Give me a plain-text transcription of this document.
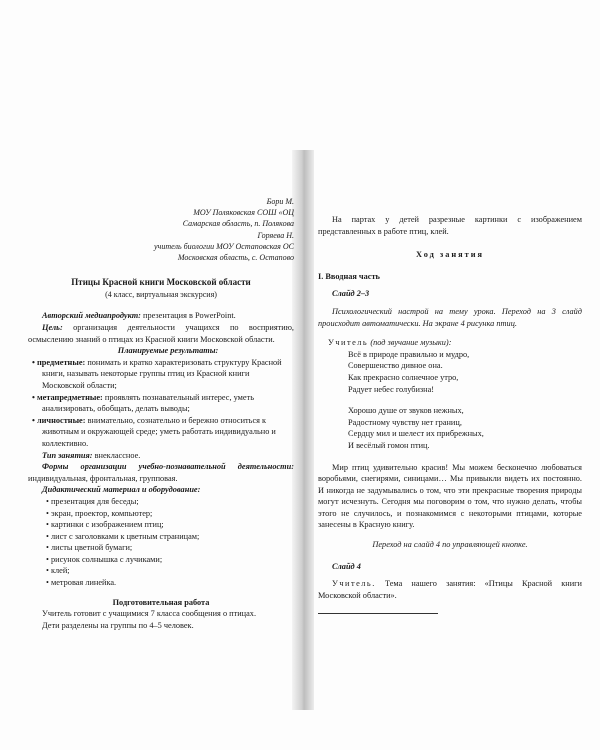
Бори М.
МОУ Поляковская СОШ «ОЦ
Самарская область, п. Полякова
Горяева Н.
учитель биологии МОУ Остаповская ОС
Московская область, с. Остапово
Птицы Красной книги Московской области
(4 класс, виртуальная экскурсия)
Авторский медиапродукт: презентация в PowerPoint.
Цель: организация деятельности учащихся по восприятию, осмыслению знаний о птицах из Красной книги Московской области.
Планируемые результаты:
• предметные: понимать и кратко характеризовать структуру Красной книги, называть некоторые группы птиц из Красной книги Московской области;
• метапредметные: проявлять познавательный интерес, уметь анализировать, обобщать, делать выводы;
• личностные: внимательно, сознательно и бережно относиться к животным и окружающей среде; уметь работать индивидуально и коллективно.
Тип занятия: внеклассное.
Формы организации учебно-познавательной деятельности: индивидуальная, фронтальная, групповая.
Дидактический материал и оборудование:
• презентация для беседы;
• экран, проектор, компьютер;
• картинки с изображением птиц;
• лист с заголовками к цветным страницам;
• листы цветной бумаги;
• рисунок солнышка с лучиками;
• клей;
• метровая линейка.
Подготовительная работа
Учитель готовит с учащимися 7 класса сообщения о птицах.
Дети разделены на группы по 4–5 человек.
На партах у детей разрезные картинки с изображением представленных в работе птиц, клей.
Ход занятия
I. Вводная часть
Слайд 2–3
Психологический настрой на тему урока. Переход на 3 слайд происходит автоматически. На экране 4 рисунка птиц.
Учитель (под звучание музыки):
Всё в природе правильно и мудро,
Совершенство дивное она.
Как прекрасно солнечное утро,
Радует небес голубизна!
Хорошо душе от звуков нежных,
Радостному чувству нет границ,
Сердцу мил и шелест их прибрежных,
И весёлый гомон птиц.
Мир птиц удивительно красив! Мы можем бесконечно любоваться воробьями, снегирями, синицами… Мы привыкли видеть их постоянно. И никогда не задумывались о том, что эти прекрасные творения природы могут исчезнуть. Сегодня мы поговорим о том, что нужно делать, чтобы этого не случилось, и познакомимся с некоторыми птицами, которые занесены в Красную книгу.
Переход на слайд 4 по управляющей кнопке.
Слайд 4
Учитель. Тема нашего занятия: «Птицы Красной книги Московской области».
